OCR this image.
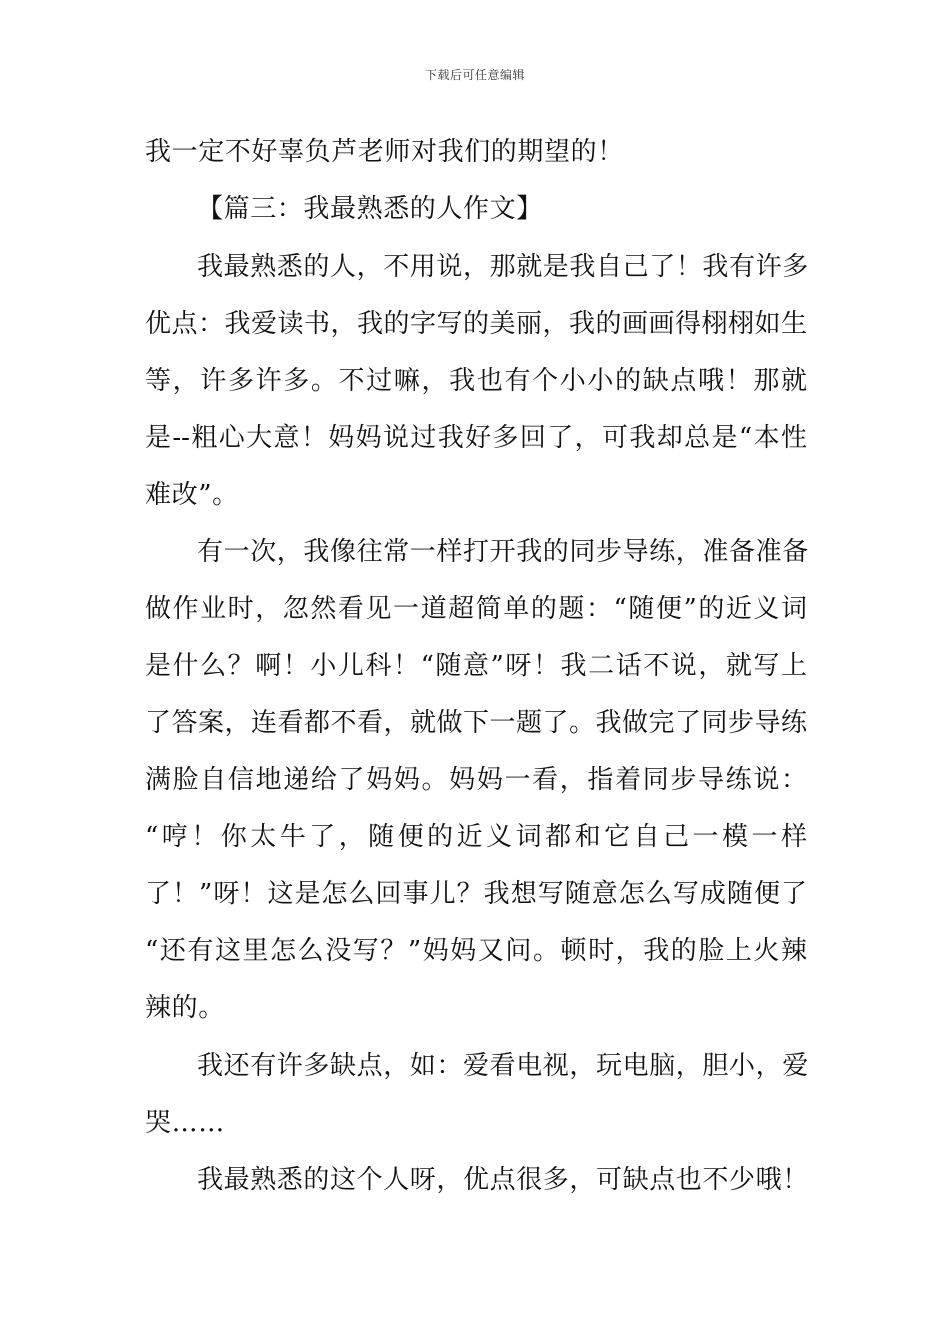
下载后可任意编辑
我一定不好辜负芦老师对我们的期望的！
【篇三：我最熟悉的人作文】
我最熟悉的人，不用说，那就是我自己了！我有许多
优点：我爱读书，我的字写的美丽，我的画画得栩栩如生
等，许多许多。不过嘛，我也有个小小的缺点哦！那就
是--粗心大意！妈妈说过我好多回了，可我却总是“本性
难改”。
有一次，我像往常一样打开我的同步导练，准备准备
做作业时，忽然看见一道超简单的题：“随便”的近义词
是什么？啊！小儿科！“随意”呀！我二话不说，就写上
了答案，连看都不看，就做下一题了。我做完了同步导练
满脸自信地递给了妈妈。妈妈一看，指着同步导练说：
“哼！你太牛了，随便的近义词都和它自己一模一样
了！”呀！这是怎么回事儿？我想写随意怎么写成随便了
“还有这里怎么没写？”妈妈又问。顿时，我的脸上火辣
辣的。
我还有许多缺点，如：爱看电视，玩电脑，胆小，爱
哭……
我最熟悉的这个人呀，优点很多，可缺点也不少哦！
